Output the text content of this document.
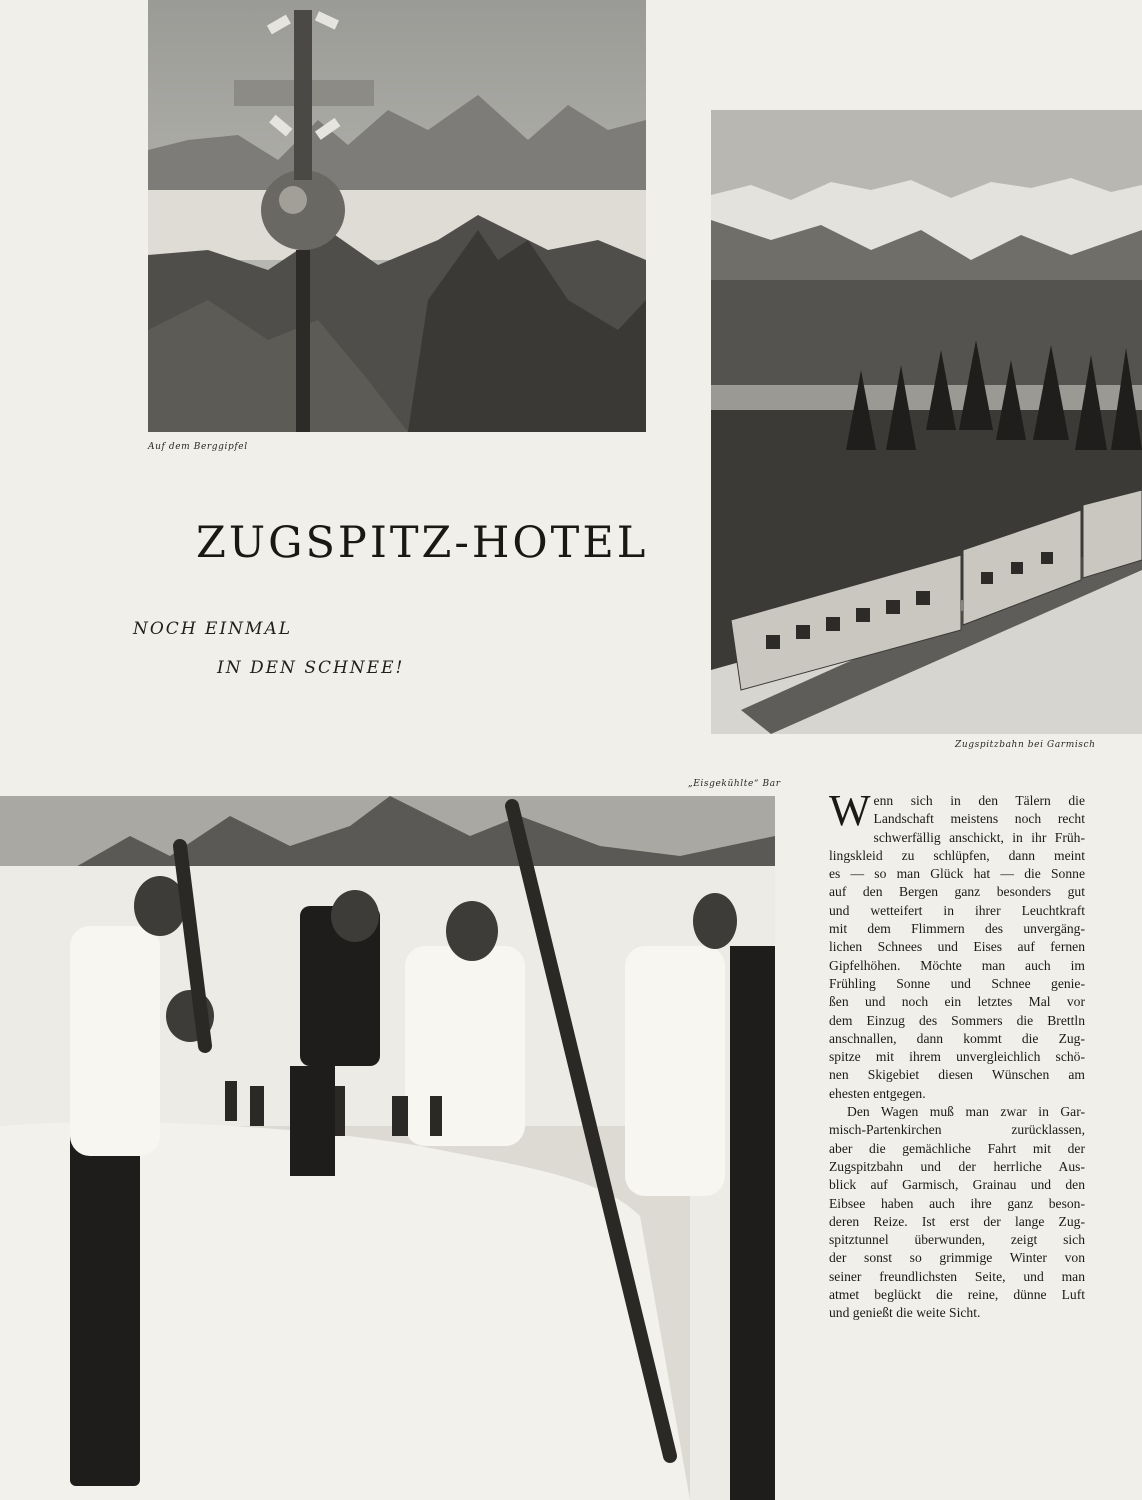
Auf dem Berggipfel
Zugspitzbahn bei Garmisch
ZUGSPITZ-HOTEL
NOCH EINMAL
IN DEN SCHNEE!
„Eisgekühlte“ Bar

W enn sich in den Tälern die
Landschaft meistens noch recht
schwerfällig anschickt, in ihr Früh-
lingskleid zu schlüpfen, dann meint
es — so man Glück hat — die Sonne
auf den Bergen ganz besonders gut
und wetteifert in ihrer Leuchtkraft
mit dem Flimmern des unvergäng-
lichen Schnees und Eises auf fernen
Gipfelhöhen. Möchte man auch im
Frühling Sonne und Schnee genie-
ßen und noch ein letztes Mal vor
dem Einzug des Sommers die Brettln
anschnallen, dann kommt die Zug-
spitze mit ihrem unvergleichlich schö-
nen Skigebiet diesen Wünschen am
ehesten entgegen.

Den Wagen muß man zwar in Gar-
misch-Partenkirchen zurücklassen,
aber die gemächliche Fahrt mit der
Zugspitzbahn und der herrliche Aus-
blick auf Garmisch, Grainau und den
Eibsee haben auch ihre ganz beson-
deren Reize. Ist erst der lange Zug-
spitztunnel überwunden, zeigt sich
der sonst so grimmige Winter von
seiner freundlichsten Seite, und man
atmet beglückt die reine, dünne Luft
und genießt die weite Sicht.
